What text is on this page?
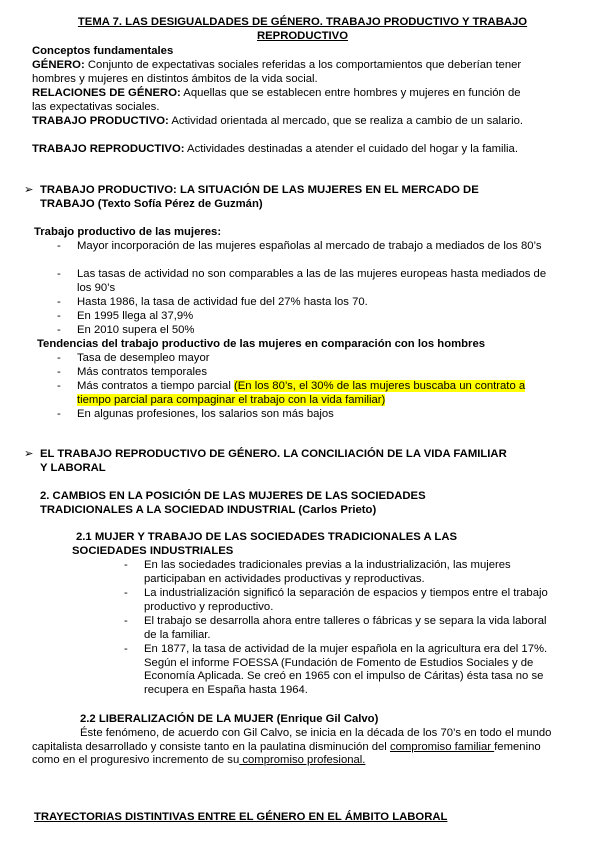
TEMA 7. LAS DESIGUALDADES DE GÉNERO. TRABAJO PRODUCTIVO Y TRABAJO
REPRODUCTIVO
Conceptos fundamentales
GÉNERO: Conjunto de expectativas sociales referidas a los comportamientos que deberían tener hombres y mujeres en distintos ámbitos de la vida social.
RELACIONES DE GÉNERO: Aquellas que se establecen entre hombres y mujeres en función de las expectativas sociales.
TRABAJO PRODUCTIVO: Actividad orientada al mercado, que se realiza a cambio de un salario.
TRABAJO REPRODUCTIVO: Actividades destinadas a atender el cuidado del hogar y la familia.
➢ TRABAJO PRODUCTIVO: LA SITUACIÓN DE LAS MUJERES EN EL MERCADO DE
TRABAJO (Texto Sofía Pérez de Guzmán)
Trabajo productivo de las mujeres:
- Mayor incorporación de las mujeres españolas al mercado de trabajo a mediados de los 80’s
- Las tasas de actividad no son comparables a las de las mujeres europeas hasta mediados de los 90’s
- Hasta 1986, la tasa de actividad fue del 27% hasta los 70.
- En 1995 llega al 37,9%
- En 2010 supera el 50%
Tendencias del trabajo productivo de las mujeres en comparación con los hombres
- Tasa de desempleo mayor
- Más contratos temporales
- Más contratos a tiempo parcial (En los 80’s, el 30% de las mujeres buscaba un contrato a tiempo parcial para compaginar el trabajo con la vida familiar)
- En algunas profesiones, los salarios son más bajos
➢ EL TRABAJO REPRODUCTIVO DE GÉNERO. LA CONCILIACIÓN DE LA VIDA FAMILIAR
Y LABORAL
2. CAMBIOS EN LA POSICIÓN DE LAS MUJERES DE LAS SOCIEDADES
TRADICIONALES A LA SOCIEDAD INDUSTRIAL (Carlos Prieto)
2.1 MUJER Y TRABAJO DE LAS SOCIEDADES TRADICIONALES A LAS
SOCIEDADES INDUSTRIALES
- En las sociedades tradicionales previas a la industrialización, las mujeres participaban en actividades productivas y reproductivas.
- La industrialización significó la separación de espacios y tiempos entre el trabajo productivo y reproductivo.
- El trabajo se desarrolla ahora entre talleres o fábricas y se separa la vida laboral de la familiar.
- En 1877, la tasa de actividad de la mujer española en la agricultura era del 17%. Según el informe FOESSA (Fundación de Fomento de Estudios Sociales y de Economía Aplicada. Se creó en 1965 con el impulso de Cáritas) ésta tasa no se recupera en España hasta 1964.
2.2 LIBERALIZACIÓN DE LA MUJER (Enrique Gil Calvo)
Éste fenómeno, de acuerdo con Gil Calvo, se inicia en la década de los 70’s en todo el mundo capitalista desarrollado y consiste tanto en la paulatina disminución del compromiso familiar femenino como en el proguresivo incremento de su compromiso profesional.
TRAYECTORIAS DISTINTIVAS ENTRE EL GÉNERO EN EL ÁMBITO LABORAL
